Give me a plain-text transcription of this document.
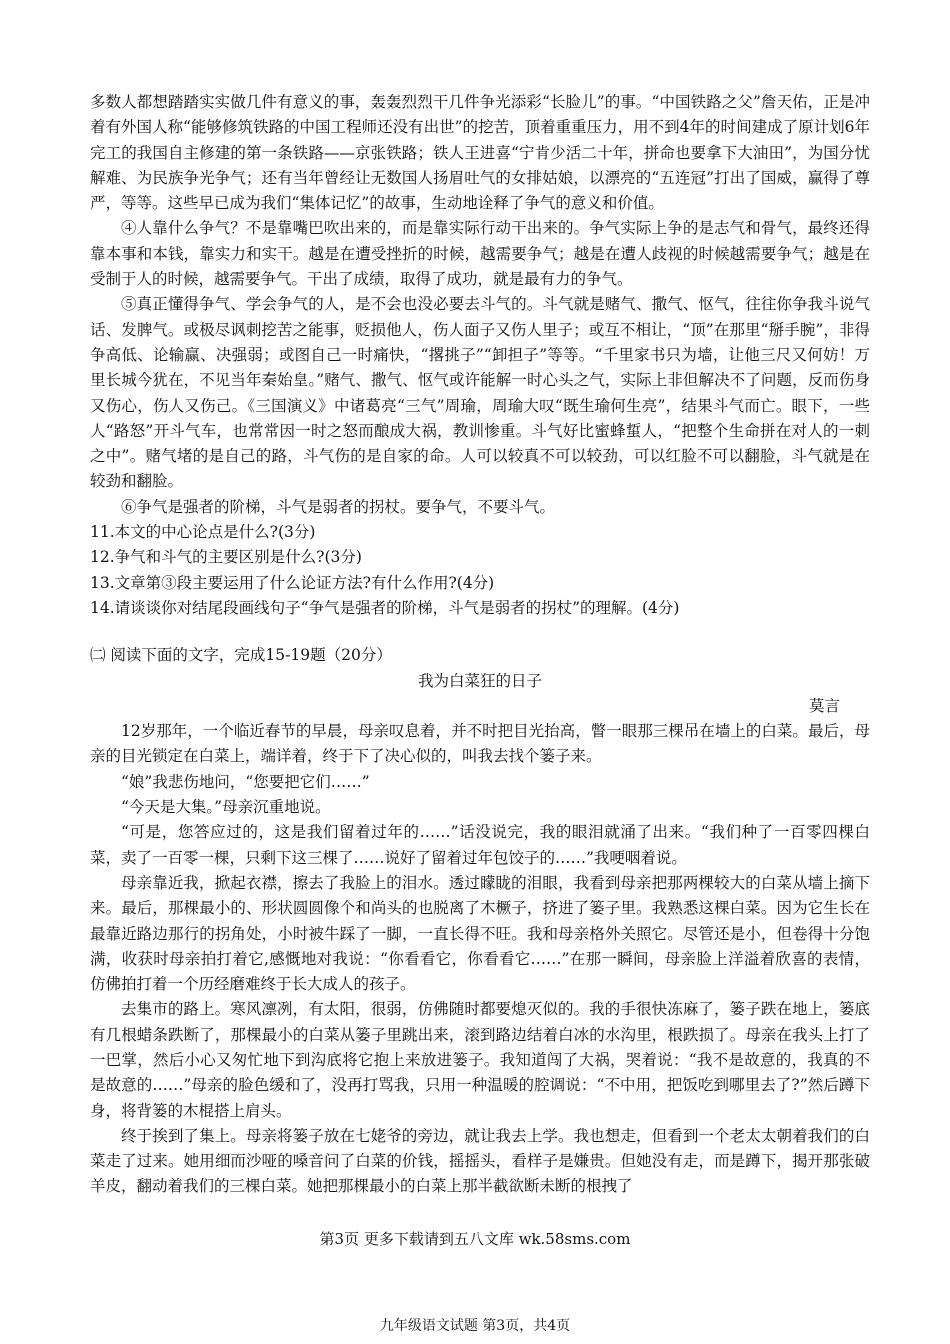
多数人都想踏踏实实做几件有意义的事，轰轰烈烈干几件争光添彩“长脸儿”的事。“中国铁路之父”詹天佑，正是冲着有外国人称“能够修筑铁路的中国工程师还没有出世”的挖苦，顶着重重压力，用不到4年的时间建成了原计划6年完工的我国自主修建的第一条铁路——京张铁路；铁人王进喜“宁肯少活二十年，拼命也要拿下大油田”，为国分忧解难、为民族争光争气；还有当年曾经让无数国人扬眉吐气的女排姑娘，以漂亮的“五连冠”打出了国威，赢得了尊严，等等。这些早已成为我们“集体记忆”的故事，生动地诠释了争气的意义和价值。

④人靠什么争气？不是靠嘴巴吹出来的，而是靠实际行动干出来的。争气实际上争的是志气和骨气，最终还得靠本事和本钱，靠实力和实干。越是在遭受挫折的时候，越需要争气；越是在遭人歧视的时候越需要争气；越是在受制于人的时候，越需要争气。干出了成绩，取得了成功，就是最有力的争气。

⑤真正懂得争气、学会争气的人，是不会也没必要去斗气的。斗气就是赌气、撒气、怄气，往往你争我斗说气话、发脾气。或极尽讽刺挖苦之能事，贬损他人，伤人面子又伤人里子；或互不相让，“顶”在那里“掰手腕”，非得争高低、论输赢、决强弱；或图自己一时痛快，“撂挑子”“卸担子”等等。“千里家书只为墙，让他三尺又何妨！万里长城今犹在，不见当年秦始皇。”赌气、撒气、怄气或许能解一时心头之气，实际上非但解决不了问题，反而伤身又伤心，伤人又伤己。《三国演义》中诸葛亮“三气”周瑜，周瑜大叹“既生瑜何生亮”，结果斗气而亡。眼下，一些人“路怒”开斗气车，也常常因一时之怒而酿成大祸，教训惨重。斗气好比蜜蜂蜇人，“把整个生命拼在对人的一刺之中”。赌气堵的是自己的路，斗气伤的是自家的命。人可以较真不可以较劲，可以红脸不可以翻脸，斗气就是在较劲和翻脸。

⑥争气是强者的阶梯，斗气是弱者的拐杖。要争气，不要斗气。

11.本文的中心论点是什么?(3分)

12.争气和斗气的主要区别是什么?(3分)

13.文章第③段主要运用了什么论证方法?有什么作用?(4分)

14.请谈谈你对结尾段画线句子“争气是强者的阶梯，斗气是弱者的拐杖”的理解。(4分)

㈡ 阅读下面的文字，完成15-19题（20分）

我为白菜狂的日子

莫言

12岁那年，一个临近春节的早晨，母亲叹息着，并不时把目光抬高，瞥一眼那三棵吊在墙上的白菜。最后，母亲的目光锁定在白菜上，端详着，终于下了决心似的，叫我去找个篓子来。

“娘”我悲伤地问，“您要把它们……”

“今天是大集。”母亲沉重地说。

“可是，您答应过的，这是我们留着过年的……”话没说完，我的眼泪就涌了出来。“我们种了一百零四棵白菜，卖了一百零一棵，只剩下这三棵了……说好了留着过年包饺子的……”我哽咽着说。

母亲靠近我，掀起衣襟，擦去了我脸上的泪水。透过矇眬的泪眼，我看到母亲把那两棵较大的白菜从墙上摘下来。最后，那棵最小的、形状圆圆像个和尚头的也脱离了木橛子，挤进了篓子里。我熟悉这棵白菜。因为它生长在最靠近路边那行的拐角处，小时被牛踩了一脚，一直长得不旺。我和母亲格外关照它。尽管还是小，但卷得十分饱满，收获时母亲拍打着它,感慨地对我说：“你看看它，你看看它……”在那一瞬间，母亲脸上洋溢着欣喜的表情，仿佛拍打着一个历经磨难终于长大成人的孩子。

去集市的路上。寒风凛冽，有太阳，很弱，仿佛随时都要熄灭似的。我的手很快冻麻了，篓子跌在地上，篓底有几根蜡条跌断了，那棵最小的白菜从篓子里跳出来，滚到路边结着白冰的水沟里，根跌损了。母亲在我头上打了一巴掌，然后小心又匆忙地下到沟底将它抱上来放进篓子。我知道闯了大祸，哭着说：“我不是故意的，我真的不是故意的……”母亲的脸色缓和了，没再打骂我，只用一种温暖的腔调说：“不中用，把饭吃到哪里去了?”然后蹲下身，将背篓的木棍搭上肩头。

终于挨到了集上。母亲将篓子放在七姥爷的旁边，就让我去上学。我也想走，但看到一个老太太朝着我们的白菜走了过来。她用细而沙哑的嗓音问了白菜的价钱，摇摇头，看样子是嫌贵。但她没有走，而是蹲下，揭开那张破羊皮，翻动着我们的三棵白菜。她把那棵最小的白菜上那半截欲断未断的根拽了

第3页 更多下载请到五八文库 wk.58sms.com
九年级语文试题 第3页，共4页
